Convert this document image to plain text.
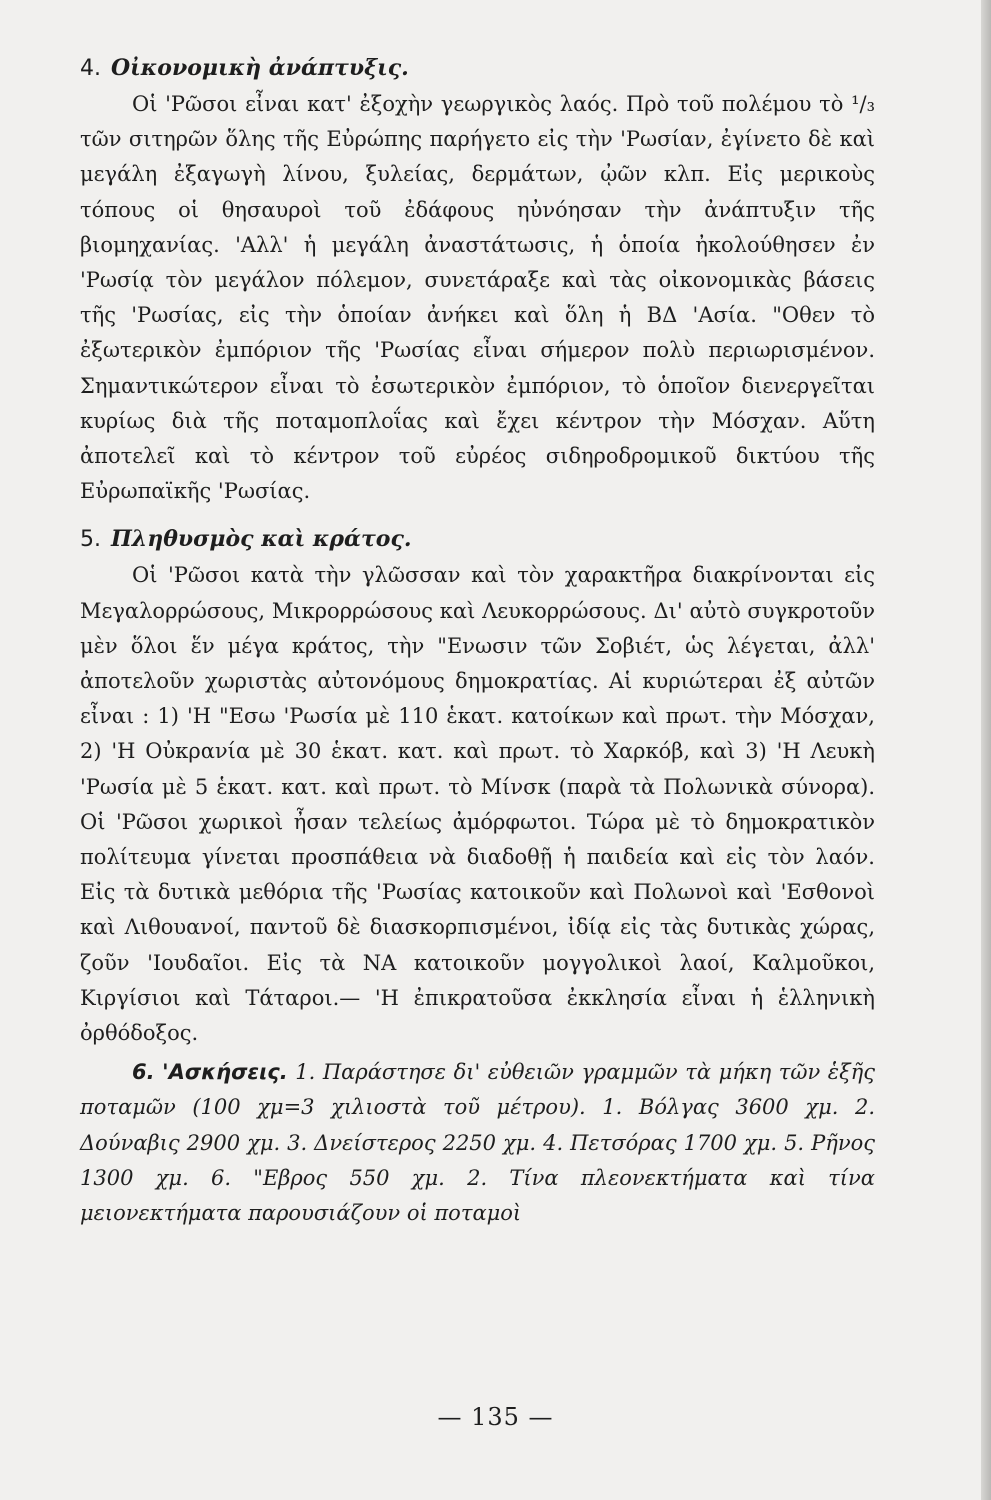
4. Οἰκονομικὴ ἀνάπτυξις.

Οἱ 'Ρῶσοι εἶναι κατ' ἐξοχὴν γεωργικὸς λαός. Πρὸ τοῦ πολέμου τὸ ¹/₃ τῶν σιτηρῶν ὅλης τῆς Εὐρώπης παρήγετο εἰς τὴν 'Ρωσίαν, ἐγίνετο δὲ καὶ μεγάλη ἐξαγωγὴ λίνου, ξυλείας, δερμάτων, ᾠῶν κλπ. Εἰς μερικοὺς τόπους οἱ θησαυροὶ τοῦ ἐδάφους ηὐνόησαν τὴν ἀνάπτυξιν τῆς βιομηχανίας. 'Αλλ' ἡ μεγάλη ἀναστάτωσις, ἡ ὁποία ἠκολούθησεν ἐν 'Ρωσίᾳ τὸν μεγάλον πόλεμον, συνετάραξε καὶ τὰς οἰκονομικὰς βάσεις τῆς 'Ρωσίας, εἰς τὴν ὁποίαν ἀνήκει καὶ ὅλη ἡ ΒΔ 'Ασία. "Οθεν τὸ ἐξωτερικὸν ἐμπόριον τῆς 'Ρωσίας εἶναι σήμερον πολὺ περιωρισμένον. Σημαντικώτερον εἶναι τὸ ἐσωτερικὸν ἐμπόριον, τὸ ὁποῖον διενεργεῖται κυρίως διὰ τῆς ποταμοπλοΐας καὶ ἔχει κέντρον τὴν Μόσχαν. Αὕτη ἀποτελεῖ καὶ τὸ κέντρον τοῦ εὐρέος σιδηροδρομικοῦ δικτύου τῆς Εὐρωπαϊκῆς 'Ρωσίας.

5. Πληθυσμὸς καὶ κράτος.

Οἱ 'Ρῶσοι κατὰ τὴν γλῶσσαν καὶ τὸν χαρακτῆρα διακρίνονται εἰς Μεγαλορρώσους, Μικρορρώσους καὶ Λευκορρώσους. Δι' αὐτὸ συγκροτοῦν μὲν ὅλοι ἕν μέγα κράτος, τὴν "Ενωσιν τῶν Σοβιέτ, ὡς λέγεται, ἀλλ' ἀποτελοῦν χωριστὰς αὐτονόμους δημοκρατίας. Αἱ κυριώτεραι ἐξ αὐτῶν εἶναι : 1) 'Η "Εσω 'Ρωσία μὲ 110 ἑκατ. κατοίκων καὶ πρωτ. τὴν Μόσχαν, 2) 'Η Οὐκρανία μὲ 30 ἑκατ. κατ. καὶ πρωτ. τὸ Χαρκόβ, καὶ 3) 'Η Λευκὴ 'Ρωσία μὲ 5 ἑκατ. κατ. καὶ πρωτ. τὸ Μίνσκ (παρὰ τὰ Πολωνικὰ σύνορα). Οἱ 'Ρῶσοι χωρικοὶ ἦσαν τελείως ἀμόρφωτοι. Τώρα μὲ τὸ δημοκρατικὸν πολίτευμα γίνεται προσπάθεια νὰ διαδοθῇ ἡ παιδεία καὶ εἰς τὸν λαόν. Εἰς τὰ δυτικὰ μεθόρια τῆς 'Ρωσίας κατοικοῦν καὶ Πολωνοὶ καὶ 'Εσθονοὶ καὶ Λιθουανοί, παντοῦ δὲ διασκορπισμένοι, ἰδίᾳ εἰς τὰς δυτικὰς χώρας, ζοῦν 'Ιουδαῖοι. Εἰς τὰ ΝΑ κατοικοῦν μογγολικοὶ λαοί, Καλμοῦκοι, Κιργίσιοι καὶ Τάταροι.— 'Η ἐπικρατοῦσα ἐκκλησία εἶναι ἡ ἑλληνικὴ ὀρθόδοξος.

6. 'Ασκήσεις. 1. Παράστησε δι' εὐθειῶν γραμμῶν τὰ μήκη τῶν ἑξῆς ποταμῶν (100 χμ=3 χιλιοστὰ τοῦ μέτρου). 1. Βόλγας 3600 χμ. 2. Δούναβις 2900 χμ. 3. Δνείστερος 2250 χμ. 4. Πετσόρας 1700 χμ. 5. Ρῆνος 1300 χμ. 6. "Εβρος 550 χμ. 2. Τίνα πλεονεκτήματα καὶ τίνα μειονεκτήματα παρουσιάζουν οἱ ποταμοὶ

— 135 —
